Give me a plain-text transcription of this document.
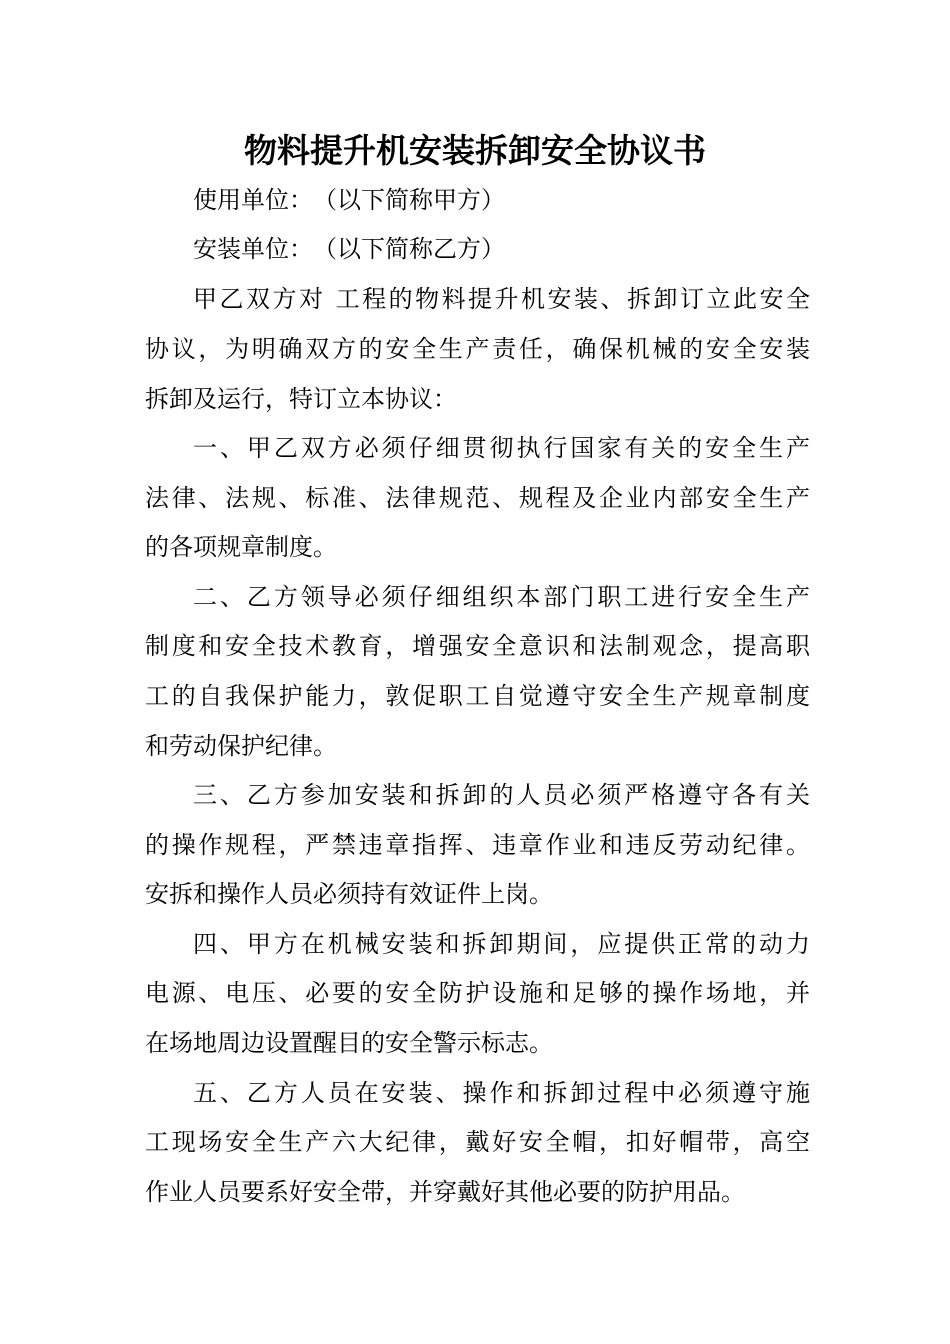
物料提升机安装拆卸安全协议书
使用单位：　（以下简称甲方）
安装单位：　（以下简称乙方）
甲乙双方对 工程的物料提升机安装、拆卸订立此安全
协议，为明确双方的安全生产责任，确保机械的安全安装
拆卸及运行，特订立本协议：
一、甲乙双方必须仔细贯彻执行国家有关的安全生产
法律、法规、标准、法律规范、规程及企业内部安全生产
的各项规章制度。
二、乙方领导必须仔细组织本部门职工进行安全生产
制度和安全技术教育，增强安全意识和法制观念，提高职
工的自我保护能力，敦促职工自觉遵守安全生产规章制度
和劳动保护纪律。
三、乙方参加安装和拆卸的人员必须严格遵守各有关
的操作规程，严禁违章指挥、违章作业和违反劳动纪律。
安拆和操作人员必须持有效证件上岗。
四、甲方在机械安装和拆卸期间，应提供正常的动力
电源、电压、必要的安全防护设施和足够的操作场地，并
在场地周边设置醒目的安全警示标志。
五、乙方人员在安装、操作和拆卸过程中必须遵守施
工现场安全生产六大纪律，戴好安全帽，扣好帽带，高空
作业人员要系好安全带，并穿戴好其他必要的防护用品。
